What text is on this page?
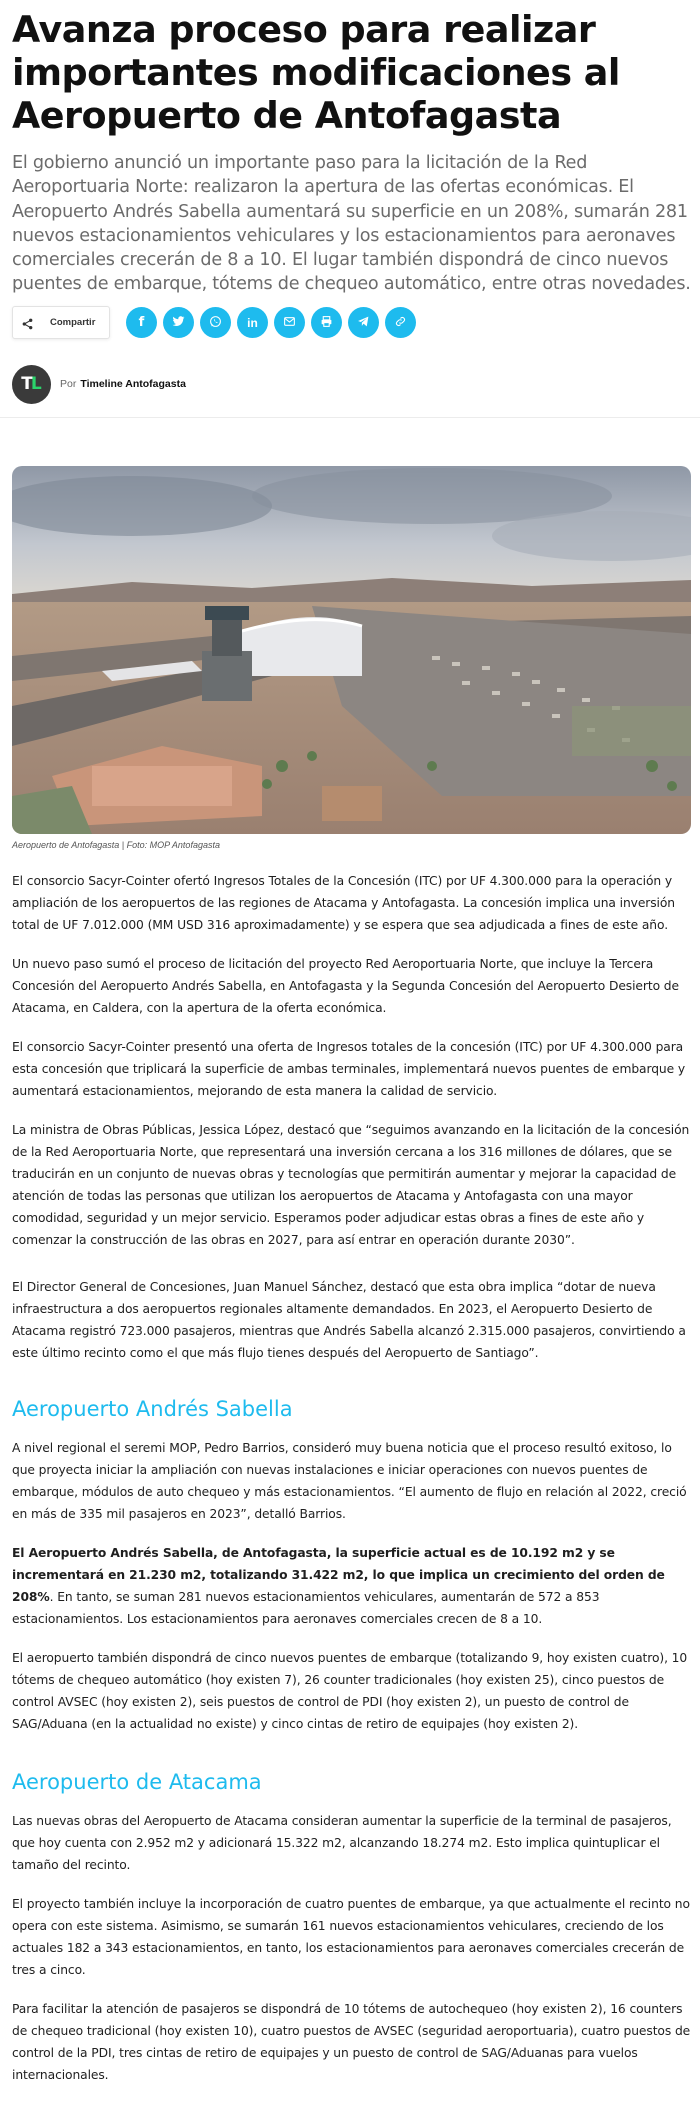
Avanza proceso para realizar importantes modificaciones al Aeropuerto de Antofagasta

El gobierno anunció un importante paso para la licitación de la Red Aeroportuaria Norte: realizaron la apertura de las ofertas económicas. El Aeropuerto Andrés Sabella aumentará su superficie en un 208%, sumarán 281 nuevos estacionamientos vehiculares y los estacionamientos para aeronaves comerciales crecerán de 8 a 10. El lugar también dispondrá de cinco nuevos puentes de embarque, tótems de chequeo automático, entre otras novedades.

Compartir	f	in
T
L Por Timeline Antofagasta
Aeropuerto de Antofagasta | Foto: MOP Antofagasta

El consorcio Sacyr-Cointer ofertó Ingresos Totales de la Concesión (ITC) por UF 4.300.000 para la operación y ampliación de los aeropuertos de las regiones de Atacama y Antofagasta. La concesión implica una inversión total de UF 7.012.000 (MM USD 316 aproximadamente) y se espera que sea adjudicada a fines de este año.

Un nuevo paso sumó el proceso de licitación del proyecto Red Aeroportuaria Norte, que incluye la Tercera Concesión del Aeropuerto Andrés Sabella, en Antofagasta y la Segunda Concesión del Aeropuerto Desierto de Atacama, en Caldera, con la apertura de la oferta económica.

El consorcio Sacyr-Cointer presentó una oferta de Ingresos totales de la concesión (ITC) por UF 4.300.000 para esta concesión que triplicará la superficie de ambas terminales, implementará nuevos puentes de embarque y aumentará estacionamientos, mejorando de esta manera la calidad de servicio.

La ministra de Obras Públicas, Jessica López, destacó que “seguimos avanzando en la licitación de la concesión de la Red Aeroportuaria Norte, que representará una inversión cercana a los 316 millones de dólares, que se traducirán en un conjunto de nuevas obras y tecnologías que permitirán aumentar y mejorar la capacidad de atención de todas las personas que utilizan los aeropuertos de Atacama y Antofagasta con una mayor comodidad, seguridad y un mejor servicio. Esperamos poder adjudicar estas obras a fines de este año y comenzar la construcción de las obras en 2027, para así entrar en operación durante 2030”.

El Director General de Concesiones, Juan Manuel Sánchez, destacó que esta obra implica “dotar de nueva infraestructura a dos aeropuertos regionales altamente demandados. En 2023, el Aeropuerto Desierto de Atacama registró 723.000 pasajeros, mientras que Andrés Sabella alcanzó 2.315.000 pasajeros, convirtiendo a este último recinto como el que más flujo tienes después del Aeropuerto de Santiago”.

Aeropuerto Andrés Sabella

A nivel regional el seremi MOP, Pedro Barrios, consideró muy buena noticia que el proceso resultó exitoso, lo que proyecta iniciar la ampliación con nuevas instalaciones e iniciar operaciones con nuevos puentes de embarque, módulos de auto chequeo y más estacionamientos. “El aumento de flujo en relación al 2022, creció en más de 335 mil pasajeros en 2023”, detalló Barrios.

El Aeropuerto Andrés Sabella, de Antofagasta, la superficie actual es de 10.192 m2 y se incrementará en 21.230 m2, totalizando 31.422 m2, lo que implica un crecimiento del orden de 208%. En tanto, se suman 281 nuevos estacionamientos vehiculares, aumentarán de 572 a 853 estacionamientos. Los estacionamientos para aeronaves comerciales crecen de 8 a 10.

El aeropuerto también dispondrá de cinco nuevos puentes de embarque (totalizando 9, hoy existen cuatro), 10 tótems de chequeo automático (hoy existen 7), 26 counter tradicionales (hoy existen 25), cinco puestos de control AVSEC (hoy existen 2), seis puestos de control de PDI (hoy existen 2), un puesto de control de SAG/Aduana (en la actualidad no existe) y cinco cintas de retiro de equipajes (hoy existen 2).

Aeropuerto de Atacama

Las nuevas obras del Aeropuerto de Atacama consideran aumentar la superficie de la terminal de pasajeros, que hoy cuenta con 2.952 m2 y adicionará 15.322 m2, alcanzando 18.274 m2. Esto implica quintuplicar el tamaño del recinto.

El proyecto también incluye la incorporación de cuatro puentes de embarque, ya que actualmente el recinto no opera con este sistema. Asimismo, se sumarán 161 nuevos estacionamientos vehiculares, creciendo de los actuales 182 a 343 estacionamientos, en tanto, los estacionamientos para aeronaves comerciales crecerán de tres a cinco.

Para facilitar la atención de pasajeros se dispondrá de 10 tótems de autochequeo (hoy existen 2), 16 counters de chequeo tradicional (hoy existen 10), cuatro puestos de AVSEC (seguridad aeroportuaria), cuatro puestos de control de la PDI, tres cintas de retiro de equipajes y un puesto de control de SAG/Aduanas para vuelos internacionales.
